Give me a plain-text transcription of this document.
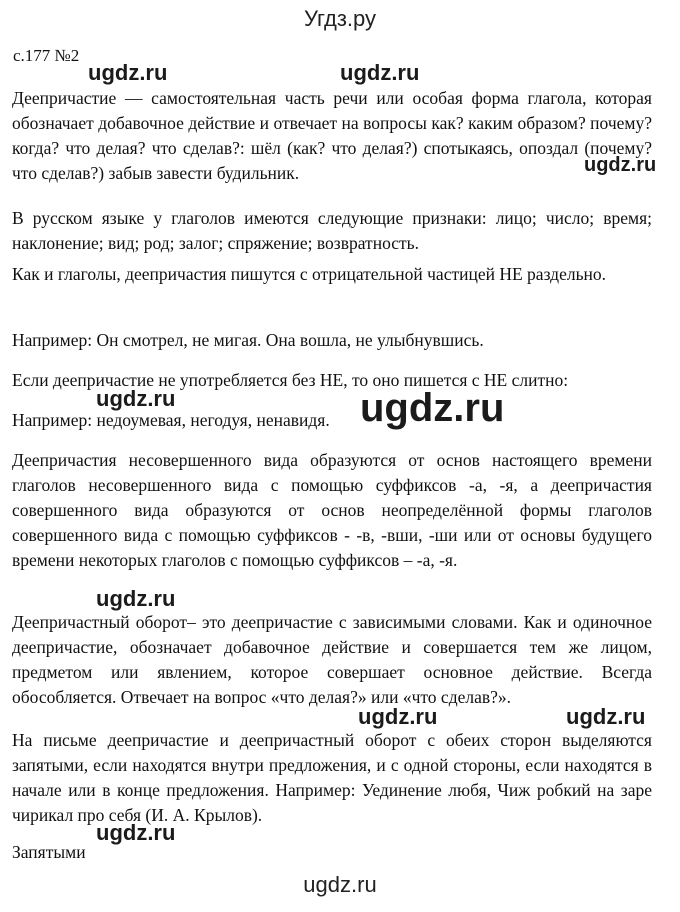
Угдз.ру
с.177 №2
Деепричастие — самостоятельная часть речи или особая форма глагола, которая обозначает добавочное действие и отвечает на вопросы как? каким образом? почему? когда? что делая? что сделав?: шёл (как? что делая?) спотыкаясь, опоздал (почему? что сделав?) забыв завести будильник.
В русском языке у глаголов имеются следующие признаки: лицо; число; время; наклонение; вид; род; залог; спряжение; возвратность.
Как и глаголы, деепричастия пишутся с отрицательной частицей НЕ раздельно.
Например: Он смотрел, не мигая. Она вошла, не улыбнувшись.
Если деепричастие не употребляется без НЕ, то оно пишется с НЕ слитно:
Например: недоумевая, негодуя, ненавидя.
Деепричастия несовершенного вида образуются от основ настоящего времени глаголов несовершенного вида с помощью суффиксов -а, -я, а деепричастия совершенного вида образуются от основ неопределённой формы глаголов совершенного вида с помощью суффиксов - -в, -вши, -ши или от основы будущего времени некоторых глаголов с помощью суффиксов – -а, -я.
Деепричастный оборот– это деепричастие с зависимыми словами. Как и одиночное деепричастие, обозначает добавочное действие и совершается тем же лицом, предметом или явлением, которое совершает основное действие. Всегда обособляется. Отвечает на вопрос «что делая?» или «что сделав?».
На письме деепричастие и деепричастный оборот с обеих сторон выделяются запятыми, если находятся внутри предложения, и с одной стороны, если находятся в начале или в конце предложения. Например: Уединение любя, Чиж робкий на заре чирикал про себя (И. А. Крылов).
Запятыми
ugdz.ru	ugdz.ru
ugdz.ru
ugdz.ru	ugdz.ru
ugdz.ru
ugdz.ru	ugdz.ru
ugdz.ru
ugdz.ru
